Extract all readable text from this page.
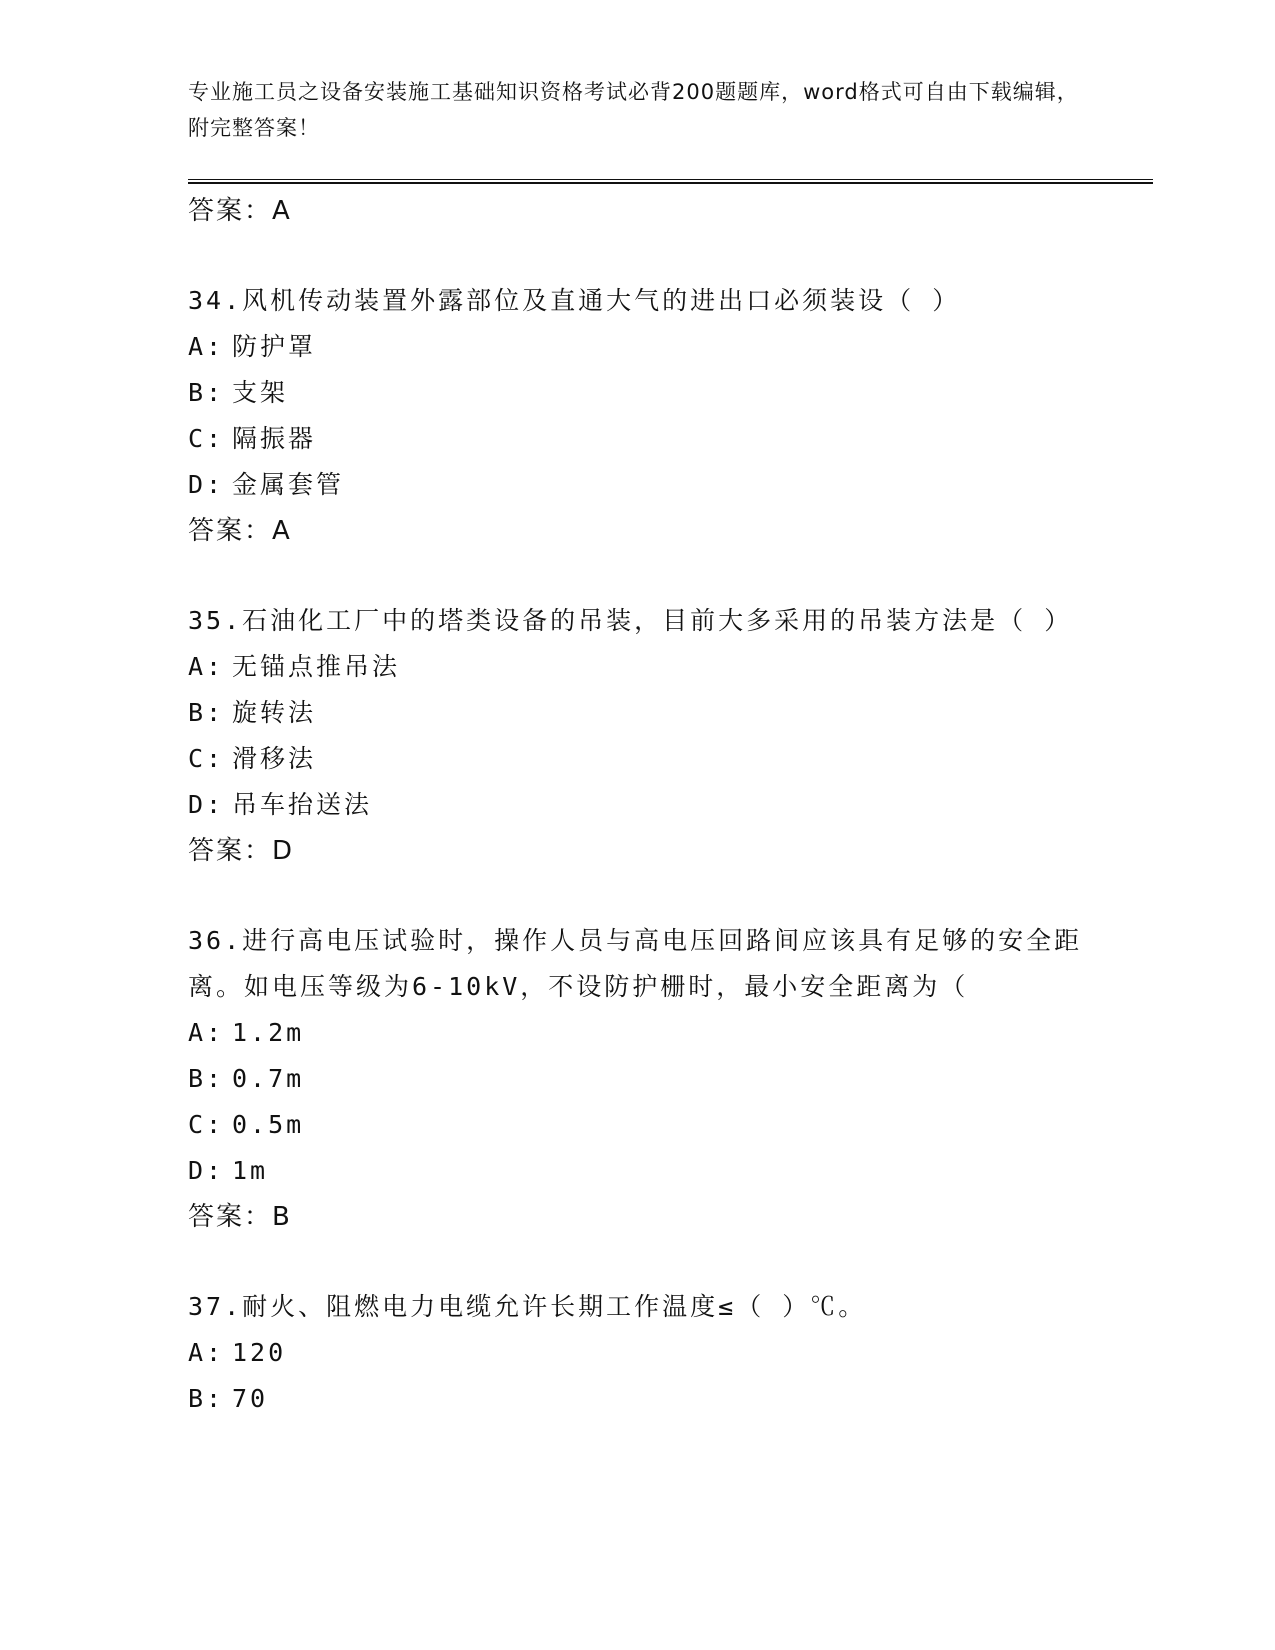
专业施工员之设备安装施工基础知识资格考试必背200题题库，word格式可自由下载编辑，附完整答案！
答案：A
34.风机传动装置外露部位及直通大气的进出口必须装设（ ）
A: 防护罩
B: 支架
C: 隔振器
D: 金属套管
答案：A
35.石油化工厂中的塔类设备的吊装，目前大多采用的吊装方法是（ ）
A: 无锚点推吊法
B: 旋转法
C: 滑移法
D: 吊车抬送法
答案：D
36.进行高电压试验时，操作人员与高电压回路间应该具有足够的安全距离。如电压等级为6-10kV，不设防护栅时，最小安全距离为（
A: 1.2m
B: 0.7m
C: 0.5m
D: 1m
答案：B
37.耐火、阻燃电力电缆允许长期工作温度≤（ ）℃。
A: 120
B: 70
